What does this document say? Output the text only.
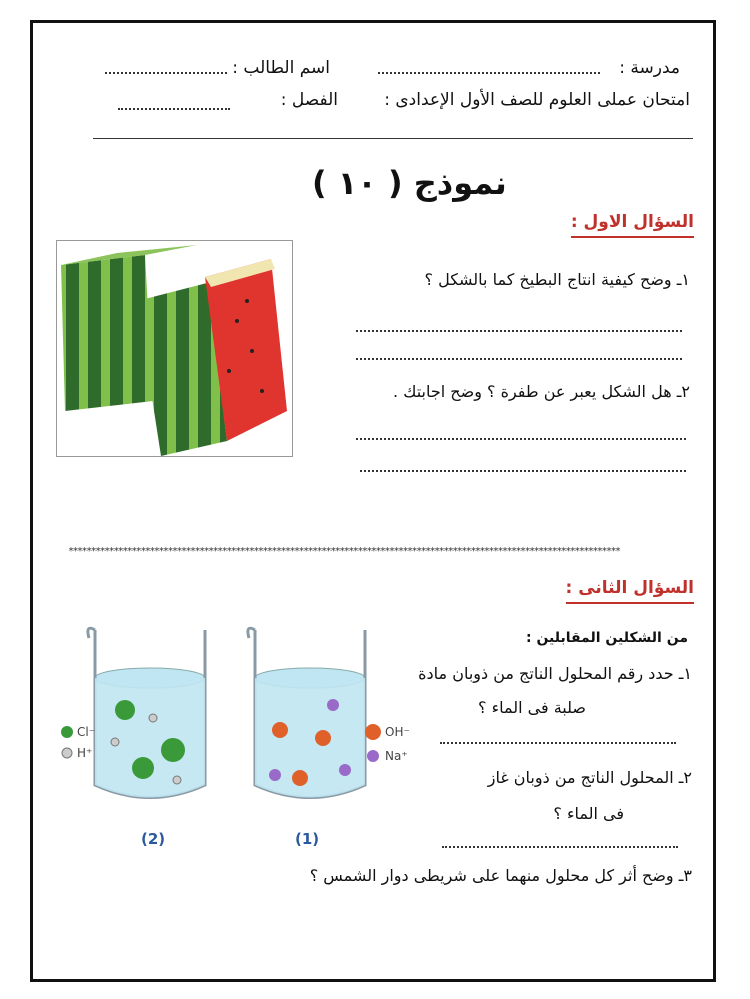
مدرسة :
اسم الطالب :
امتحان عملى العلوم للصف الأول الإعدادى :
الفصل :
نموذج ( ١٠ )
السؤال الاول :
١ـ وضح كيفية انتاج البطيخ كما بالشكل ؟
٢ـ هل الشكل يعبر عن طفرة ؟ وضح اجابتك .
**************************************************************************************************************************
السؤال الثانى :
من الشكلين المقابلين :
١ـ حدد رقم المحلول الناتج من ذوبان مادة
صلبة فى الماء ؟
٢ـ المحلول الناتج من ذوبان غاز
فى الماء ؟
٣ـ وضح أثر كل محلول منهما على شريطى دوار الشمس ؟
Cl⁻
H⁺
(2)
OH⁻
Na⁺
(1)
